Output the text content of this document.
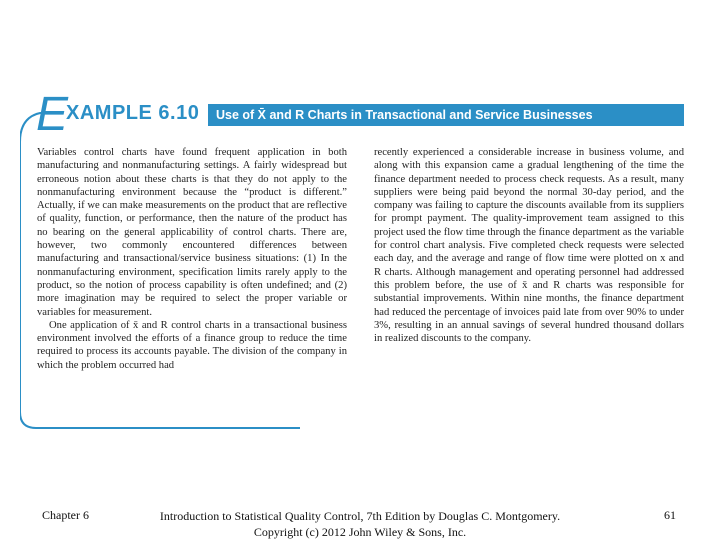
E
XAMPLE 6.10	Use of X̄ and R Charts in Transactional and Service Businesses

Variables control charts have found frequent application in both manufacturing and nonmanufacturing settings. A fairly widespread but erroneous notion about these charts is that they do not apply to the nonmanufacturing environment because the “product is different.” Actually, if we can make measurements on the product that are reflective of quality, function, or performance, then the nature of the product has no bearing on the general applicability of control charts. There are, however, two commonly encountered differences between manufacturing and transactional/service business situations: (1) In the nonmanufacturing environment, specification limits rarely apply to the product, so the notion of process capability is often undefined; and (2) more imagination may be required to select the proper variable or variables for measurement.

One application of x̄ and R control charts in a transactional business environment involved the efforts of a finance group to reduce the time required to process its accounts payable. The division of the company in which the problem occurred had

recently experienced a considerable increase in business volume, and along with this expansion came a gradual lengthening of the time the finance department needed to process check requests. As a result, many suppliers were being paid beyond the normal 30-day period, and the company was failing to capture the discounts available from its suppliers for prompt payment. The quality-improvement team assigned to this project used the flow time through the finance department as the variable for control chart analysis. Five completed check requests were selected each day, and the average and range of flow time were plotted on x and R charts. Although management and operating personnel had addressed this problem before, the use of x̄ and R charts was responsible for substantial improvements. Within nine months, the finance department had reduced the percentage of invoices paid late from over 90% to under 3%, resulting in an annual savings of several hundred thousand dollars in realized discounts to the company.

Chapter 6	Introduction to Statistical Quality Control, 7th Edition by Douglas C. Montgomery.
Copyright (c) 2012 John Wiley & Sons, Inc.
61
